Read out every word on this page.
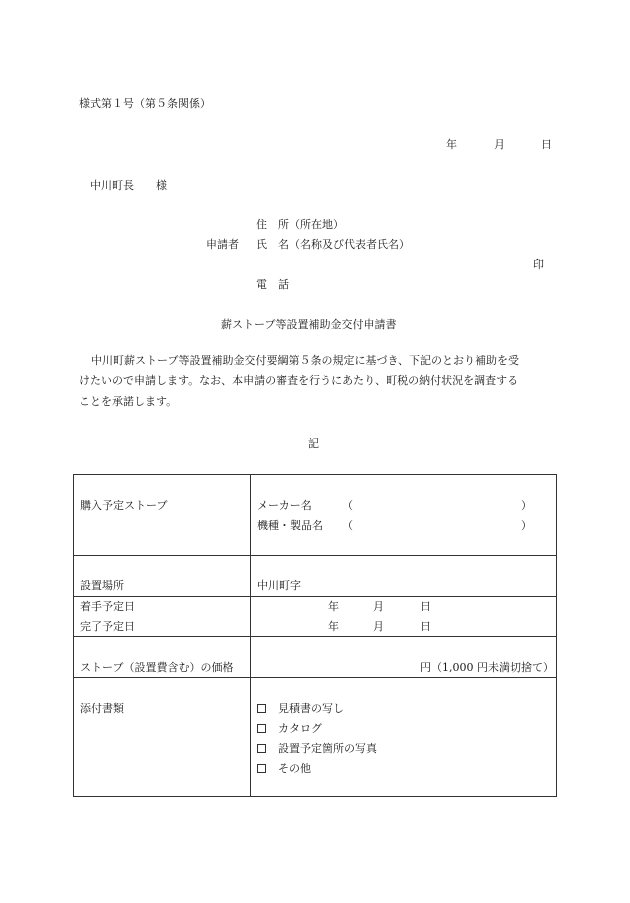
様式第１号（第５条関係）
年	月	日
中川町長　　様
住　所（所在地）
申請者 氏　名（名称及び代表者氏名）
印
電　話
薪ストーブ等設置補助金交付申請書
中川町薪ストーブ等設置補助金交付要綱第５条の規定に基づき、下記のとおり補助を受
けたいので申請します。なお、本申請の審査を行うにあたり、町税の納付状況を調査する
ことを承諾します。
記
購入予定ストーブ	メーカー名	（	）
機種・製品名 （	）
設置場所	中川町字
着手予定日	年	月	日
完了予定日	年	月	日
ストーブ（設置費含む）の価格	円（1,000 円未満切捨て）
添付書類	見積書の写し
カタログ
設置予定箇所の写真
その他
